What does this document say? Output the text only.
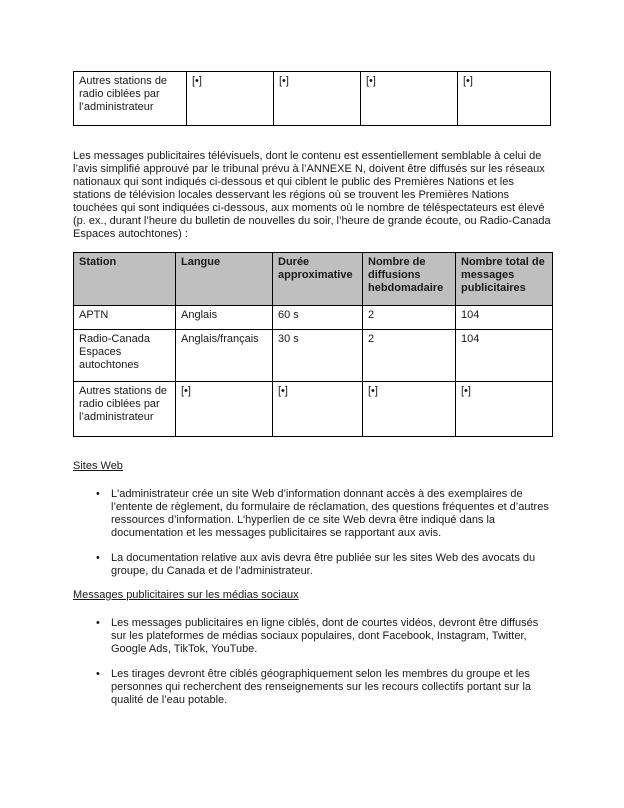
Autres stations de radio ciblées par l’administrateur	[•]	[•]	[•]	[•]

Les messages publicitaires télévisuels, dont le contenu est essentiellement semblable à celui de l’avis simplifié approuvé par le tribunal prévu à l’ANNEXE N, doivent être diffusés sur les réseaux nationaux qui sont indiqués ci-dessous et qui ciblent le public des Premières Nations et les stations de télévision locales desservant les régions où se trouvent les Premières Nations touchées qui sont indiquées ci-dessous, aux moments où le nombre de téléspectateurs est élevé (p. ex., durant l’heure du bulletin de nouvelles du soir, l’heure de grande écoute, ou Radio-Canada Espaces autochtones) :

Station	Langue	Durée approximative	Nombre de diffusions hebdomadaire	Nombre total de messages publicitaires
APTN	Anglais	60 s	2	104
Radio-Canada Espaces autochtones	Anglais/français	30 s	2	104
Autres stations de radio ciblées par l’administrateur	[•]	[•]	[•]	[•]
Sites Web
•	L'administrateur crée un site Web d’information donnant accès à des exemplaires de l’entente de règlement, du formulaire de réclamation, des questions fréquentes et d’autres ressources d’information. L'hyperlien de ce site Web devra être indiqué dans la documentation et les messages publicitaires se rapportant aux avis.
•	La documentation relative aux avis devra être publiée sur les sites Web des avocats du groupe, du Canada et de l’administrateur.
Messages publicitaires sur les médias sociaux
•	Les messages publicitaires en ligne ciblés, dont de courtes vidéos, devront être diffusés sur les plateformes de médias sociaux populaires, dont Facebook, Instagram, Twitter, Google Ads, TikTok, YouTube.
•	Les tirages devront être ciblés géographiquement selon les membres du groupe et les personnes qui recherchent des renseignements sur les recours collectifs portant sur la qualité de l’eau potable.
